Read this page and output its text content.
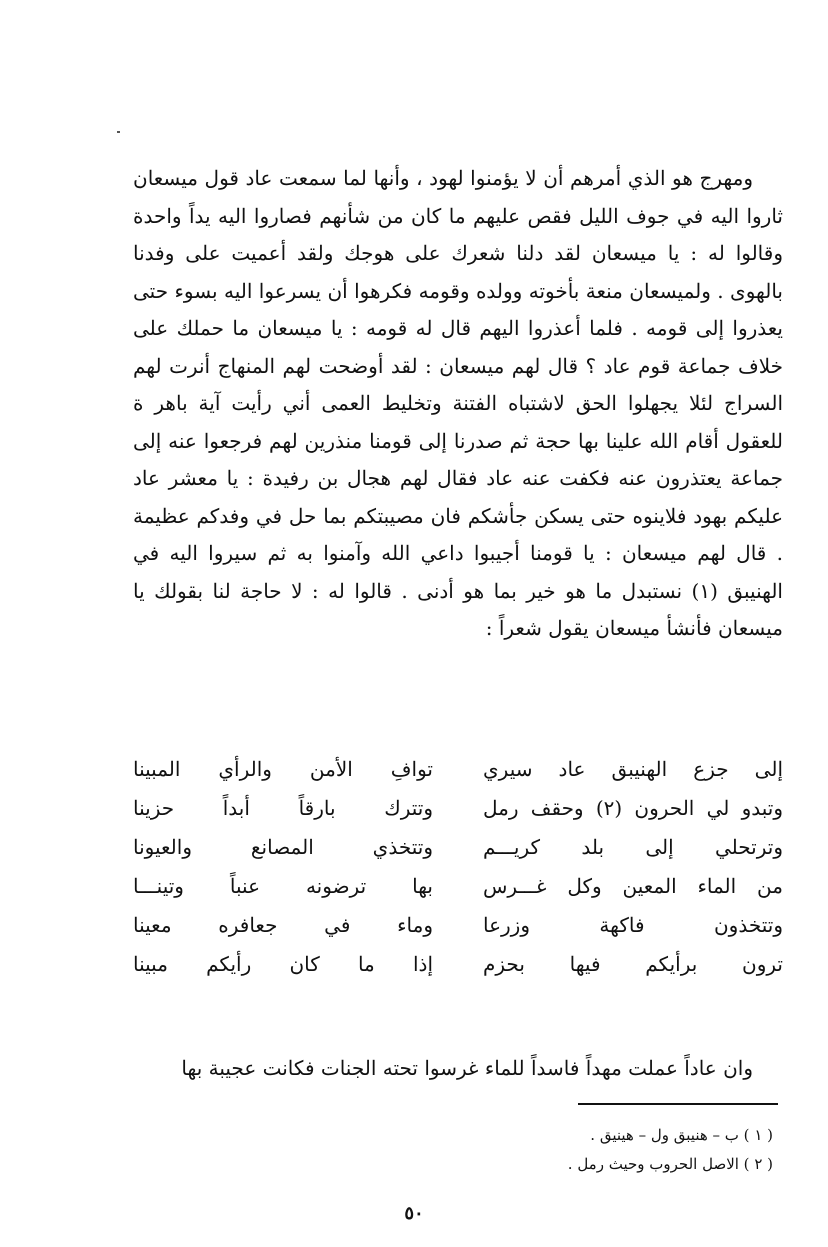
ومهرج هو الذي أمرهم أن لا يؤمنوا لهود ، وأنها لما سمعت عاد قول ميسعان ثاروا اليه في جوف الليل فقص عليهم ما كان من شأنهم فصاروا اليه يداً واحدة وقالوا له : يا ميسعان لقد دلنا شعرك على هوجك ولقد أعميت على وفدنا بالهوى . ولميسعان منعة بأخوته وولده وقومه فكرهوا أن يسرعوا اليه بسوء حتى يعذروا إلى قومه . فلما أعذروا اليهم قال له قومه : يا ميسعان ما حملك على خلاف جماعة قوم عاد ؟ قال لهم ميسعان : لقد أوضحت لهم المنهاج أنرت لهم السراج لئلا يجهلوا الحق لاشتباه الفتنة وتخليط العمى أني رأيت آية باهر ة للعقول أقام الله علينا بها حجة ثم صدرنا إلى قومنا منذرين لهم فرجعوا عنه إلى جماعة يعتذرون عنه فكفت عنه عاد فقال لهم هجال بن رفيدة : يا معشر عاد عليكم بهود فلاينوه حتى يسكن جأشكم فان مصيبتكم بما حل في وفدكم عظيمة . قال لهم ميسعان : يا قومنا أجيبوا داعي الله وآمنوا به ثم سيروا اليه في الهنيبق (١) نستبدل ما هو خير بما هو أدنى . قالوا له : لا حاجة لنا بقولك يا ميسعان فأنشأ ميسعان يقول شعراً :

إلى جزع الهنيبق عاد سيري
توافِ الأمن والرأي المبينا
وتبدو لي الحرون (٢) وحقف رمل
وتترك بارقاً أبداً حزينا
وترتحلي إلى بلد كريـــم
وتتخذي المصانع والعيونا
من الماء المعين وكل غـــرس
بها ترضونه عنباً وتينـــا
وتتخذون فاكهة وزرعا
وماء في جعافره معينا
ترون برأيكم فيها بحزم
إذا ما كان رأيكم مبينا

وان عاداً عملت مهداً فاسداً للماء غرسوا تحته الجنات فكانت عجيبة بها

( ١ ) ب – هنيبق ول – هينيق .
( ٢ ) الاصل الحروب وحيث رمل .
٥٠
